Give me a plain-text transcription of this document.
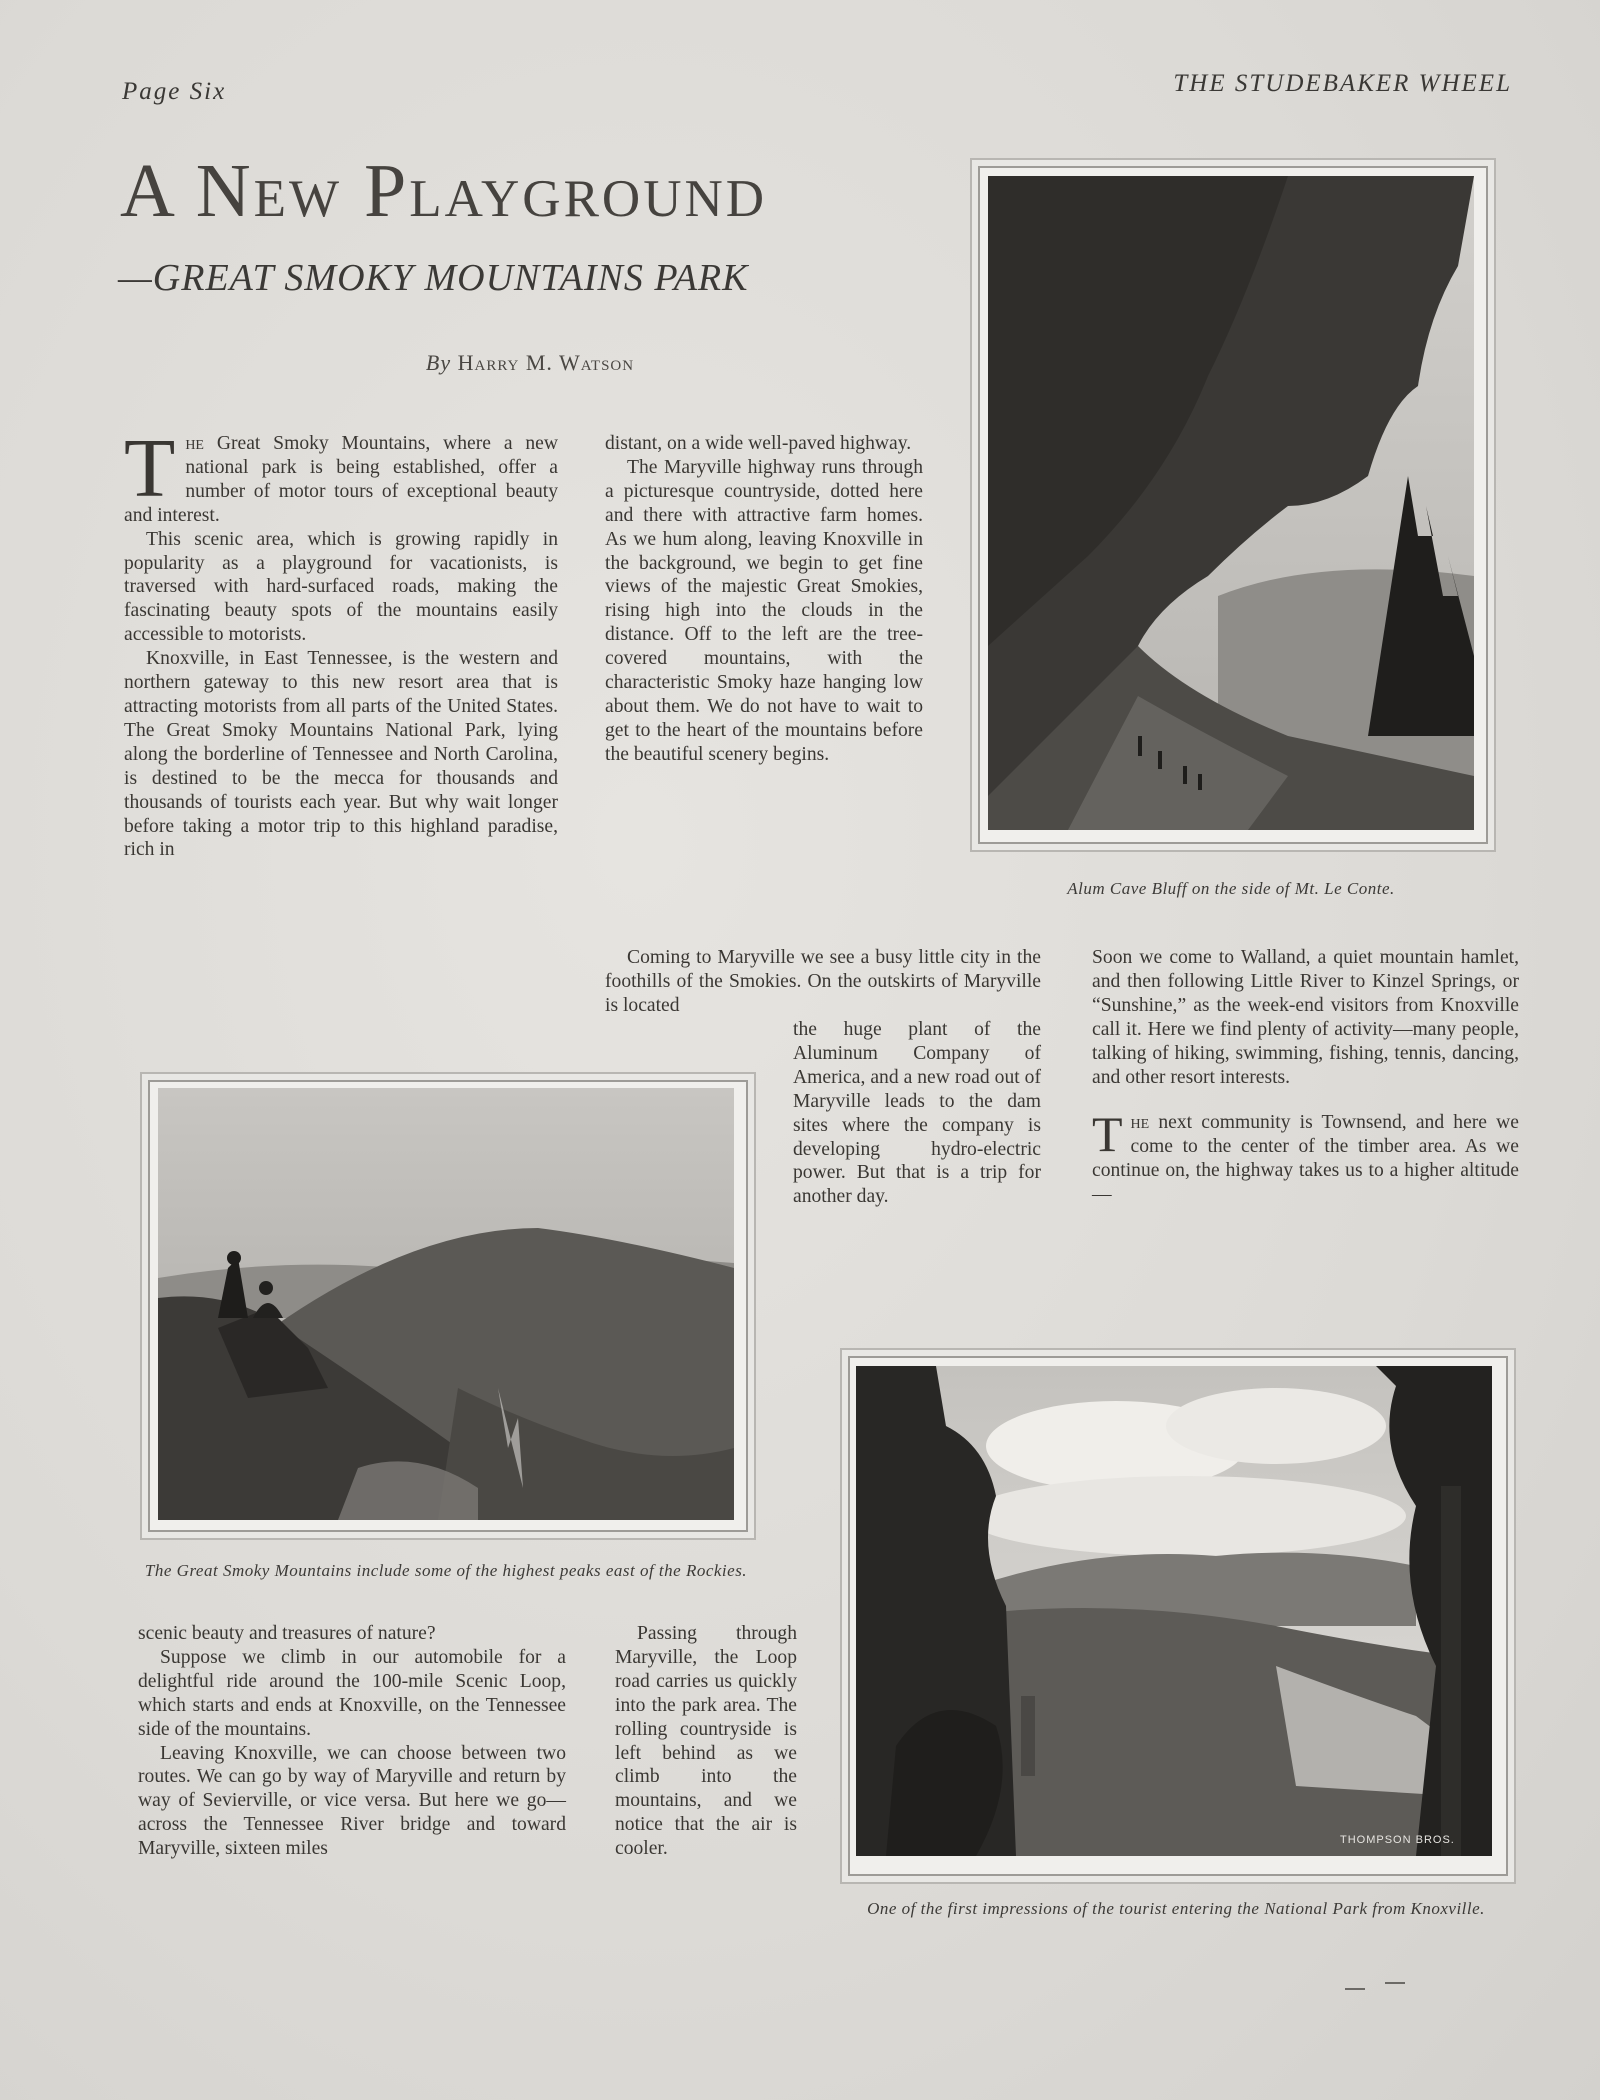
Page Six	THE STUDEBAKER WHEEL
A New Playground
—GREAT SMOKY MOUNTAINS PARK
By Harry M. Watson

The Great Smoky Mountains, where a new national park is being established, offer a number of motor tours of exceptional beauty and interest.

This scenic area, which is growing rapidly in popularity as a playground for vacationists, is traversed with hard-surfaced roads, making the fascinating beauty spots of the mountains easily accessible to motorists.

Knoxville, in East Tennessee, is the western and northern gateway to this new resort area that is attracting motorists from all parts of the United States. The Great Smoky Mountains National Park, lying along the borderline of Tennessee and North Carolina, is destined to be the mecca for thousands and thousands of tourists each year. But why wait longer before taking a motor trip to this highland paradise, rich in

distant, on a wide well-paved highway.

The Maryville highway runs through a picturesque countryside, dotted here and there with attractive farm homes. As we hum along, leaving Knoxville in the background, we begin to get fine views of the majestic Great Smokies, rising high into the clouds in the distance. Off to the left are the tree-covered mountains, with the characteristic Smoky haze hanging low about them. We do not have to wait to get to the heart of the mountains before the beautiful scenery begins.

Coming to Maryville we see a busy little city in the foothills of the Smokies. On the outskirts of Maryville is located

the huge plant of the Aluminum Company of America, and a new road out of Maryville leads to the dam sites where the company is developing hydro-electric power. But that is a trip for another day.

Soon we come to Walland, a quiet mountain hamlet, and then following Little River to Kinzel Springs, or “Sunshine,” as the week-end visitors from Knoxville call it. Here we find plenty of activity—many people, talking of hiking, swimming, fishing, tennis, dancing, and other resort interests.

The next community is Townsend, and here we come to the center of the timber area. As we continue on, the highway takes us to a higher altitude—

scenic beauty and treasures of nature?

Suppose we climb in our automobile for a delightful ride around the 100-mile Scenic Loop, which starts and ends at Knoxville, on the Tennessee side of the mountains.

Leaving Knoxville, we can choose between two routes. We can go by way of Maryville and return by way of Sevierville, or vice versa. But here we go—across the Tennessee River bridge and toward Maryville, sixteen miles

Passing through Maryville, the Loop road carries us quickly into the park area. The rolling countryside is left behind as we climb into the mountains, and we notice that the air is cooler.

Alum Cave Bluff on the side of Mt. Le Conte.
The Great Smoky Mountains include some of the highest peaks east of the Rockies.
THOMPSON BROS.
One of the first impressions of the tourist entering the National Park from Knoxville.
